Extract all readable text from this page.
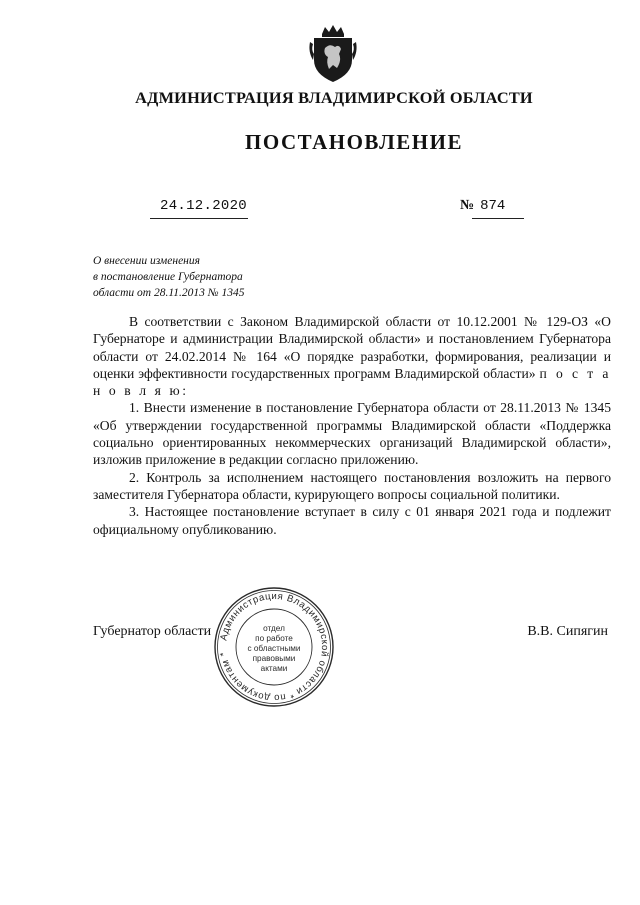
АДМИНИСТРАЦИЯ ВЛАДИМИРСКОЙ ОБЛАСТИ
ПОСТАНОВЛЕНИЕ
24.12.2020	№ 874
О внесении изменения
в постановление Губернатора
области от 28.11.2013 № 1345

В соответствии с Законом Владимирской области от 10.12.2001 № 129-ОЗ «О Губернаторе и администрации Владимирской области» и постановлением Губернатора области от 24.02.2014 № 164 «О порядке разработки, формирования, реализации и оценки эффективности государственных программ Владимирской области» п о с т а н о в л я ю:

1. Внести изменение в постановление Губернатора области от 28.11.2013 № 1345 «Об утверждении государственной программы Владимирской области «Поддержка социально ориентированных некоммерческих организаций Владимирской области», изложив приложение в редакции согласно приложению.

2. Контроль за исполнением настоящего постановления возложить на первого заместителя Губернатора области, курирующего вопросы социальной политики.

3. Настоящее постановление вступает в силу с 01 января 2021 года и подлежит официальному опубликованию.

Губернатор области	В.В. Сипягин
Администрация Владимирской области * по документам *
отдел
по работе
с областными
правовыми
актами
